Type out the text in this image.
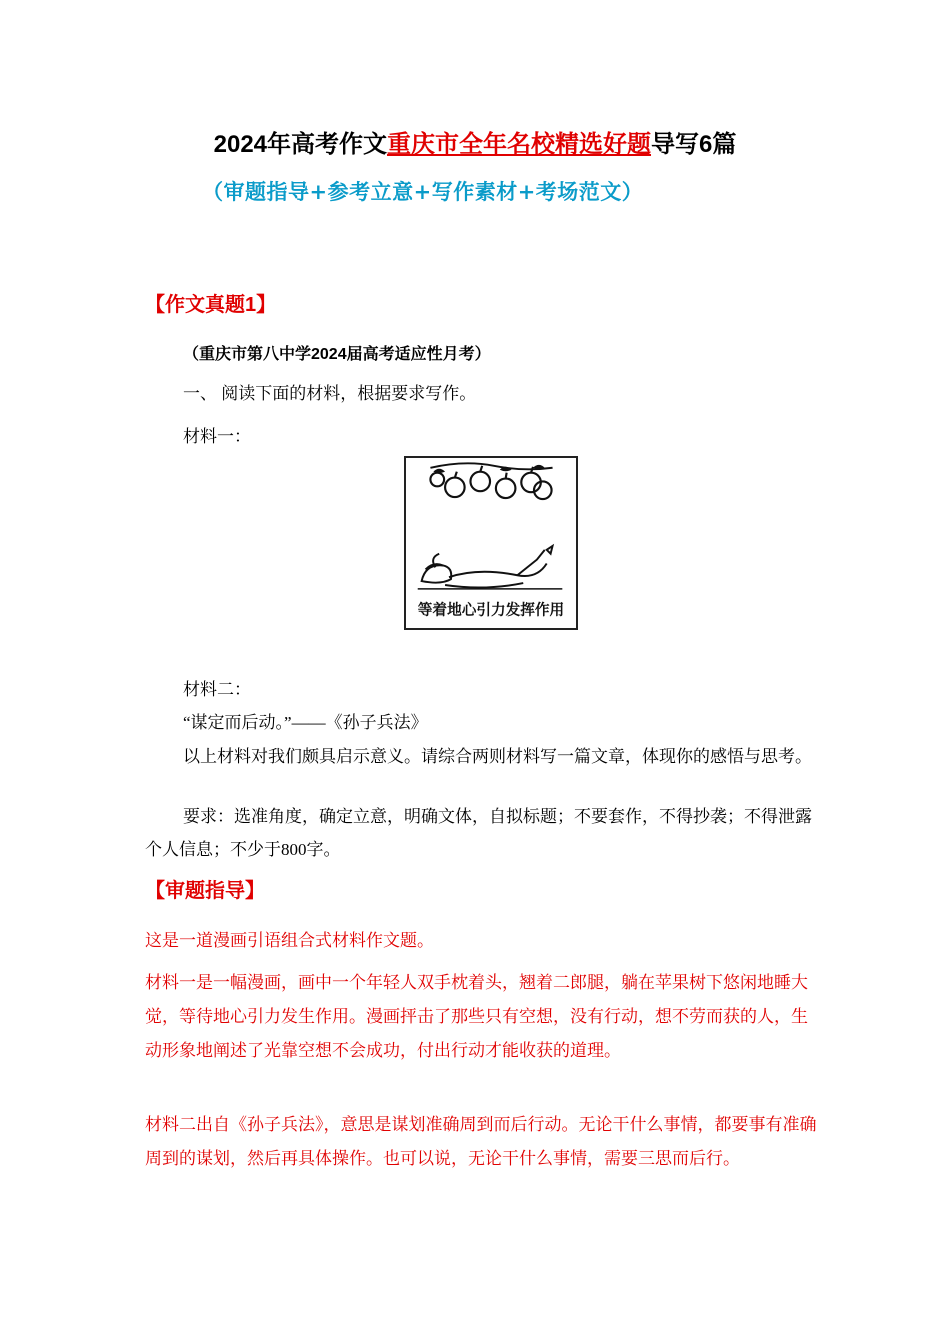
2024年高考作文重庆市全年名校精选好题导写6篇
（审题指导+参考立意+写作素材+考场范文）
【作文真题1】
（重庆市第八中学2024届高考适应性月考）
一、 阅读下面的材料，根据要求写作。
材料一：
等着地心引力发挥作用
材料二：
“谋定而后动。”——《孙子兵法》
以上材料对我们颇具启示意义。请综合两则材料写一篇文章，体现你的感悟与思考。
要求：选准角度，确定立意，明确文体，自拟标题；不要套作，不得抄袭；不得泄露个人信息；不少于800字。
【审题指导】
这是一道漫画引语组合式材料作文题。
材料一是一幅漫画，画中一个年轻人双手枕着头，翘着二郎腿，躺在苹果树下悠闲地睡大觉，等待地心引力发生作用。漫画抨击了那些只有空想，没有行动，想不劳而获的人，生动形象地阐述了光靠空想不会成功，付出行动才能收获的道理。
材料二出自《孙子兵法》，意思是谋划准确周到而后行动。无论干什么事情，都要事有准确周到的谋划，然后再具体操作。也可以说，无论干什么事情，需要三思而后行。
